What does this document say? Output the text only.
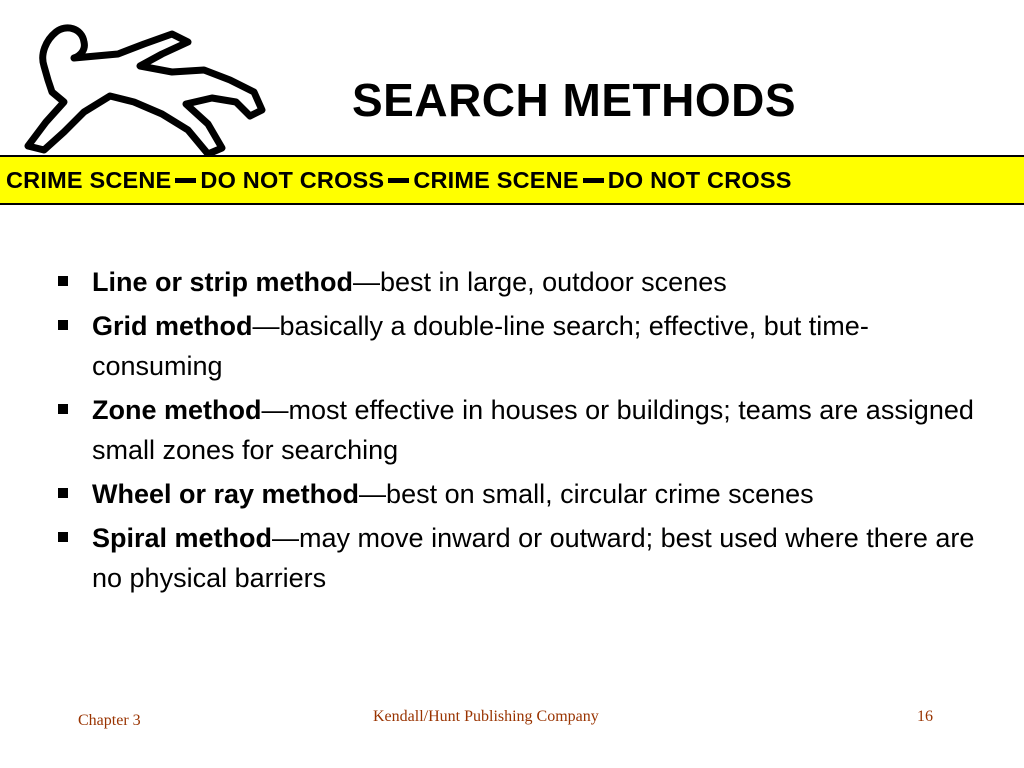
SEARCH METHODS
CRIME SCENE DO NOT CROSS CRIME SCENE DO NOT CROSS
Line or strip method—best in large, outdoor scenes
Grid method—basically a double-line search; effective, but time-consuming
Zone method—most effective in houses or buildings; teams are assigned small zones for searching
Wheel or ray method—best on small, circular crime scenes
Spiral method—may move inward or outward; best used where there are no physical barriers
Chapter 3	Kendall/Hunt Publishing Company	16
